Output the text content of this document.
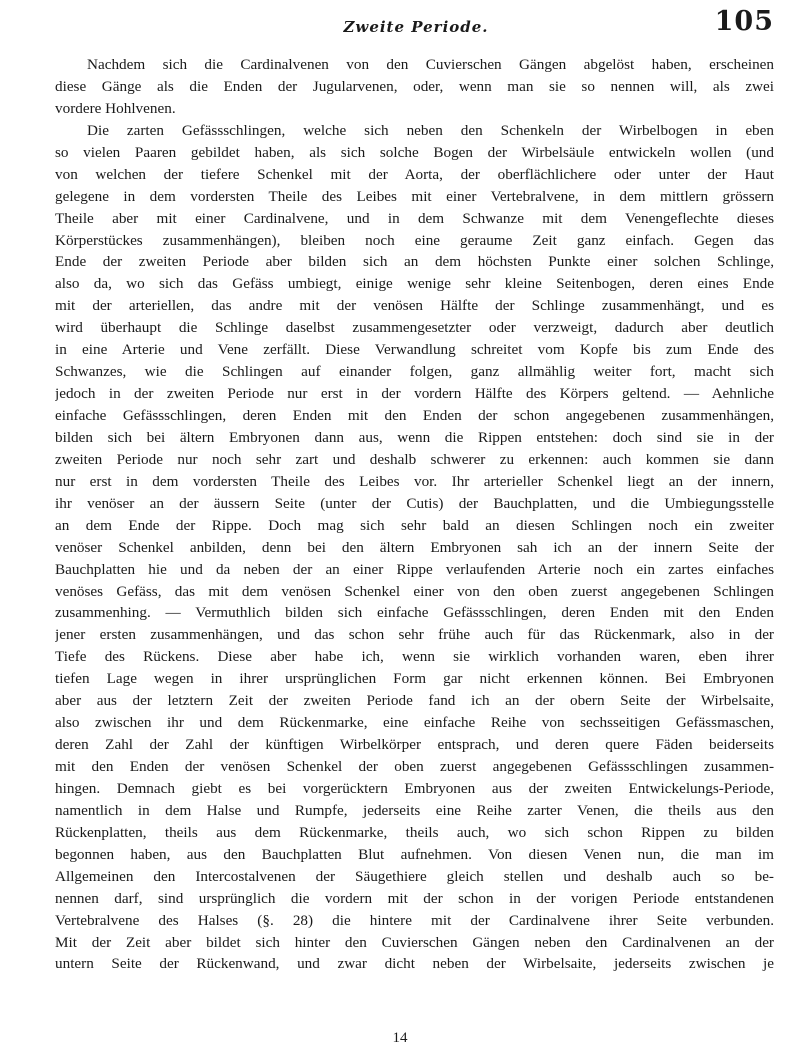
Zweite Periode.	105
Nachdem sich die Cardinalvenen von den Cuvierschen Gängen abgelöst haben, erscheinen
diese Gänge als die Enden der Jugularvenen, oder, wenn man sie so nennen will, als zwei
vordere Hohlvenen.
Die zarten Gefässschlingen, welche sich neben den Schenkeln der Wirbelbogen in eben
so vielen Paaren gebildet haben, als sich solche Bogen der Wirbelsäule entwickeln wollen (und
von welchen der tiefere Schenkel mit der Aorta, der oberflächlichere oder unter der Haut
gelegene in dem vordersten Theile des Leibes mit einer Vertebralvene, in dem mittlern grössern
Theile aber mit einer Cardinalvene, und in dem Schwanze mit dem Venengeflechte dieses
Körperstückes zusammenhängen), bleiben noch eine geraume Zeit ganz einfach. Gegen das
Ende der zweiten Periode aber bilden sich an dem höchsten Punkte einer solchen Schlinge,
also da, wo sich das Gefäss umbiegt, einige wenige sehr kleine Seitenbogen, deren eines Ende
mit der arteriellen, das andre mit der venösen Hälfte der Schlinge zusammenhängt, und es
wird überhaupt die Schlinge daselbst zusammengesetzter oder verzweigt, dadurch aber deutlich
in eine Arterie und Vene zerfällt. Diese Verwandlung schreitet vom Kopfe bis zum Ende des
Schwanzes, wie die Schlingen auf einander folgen, ganz allmählig weiter fort, macht sich
jedoch in der zweiten Periode nur erst in der vordern Hälfte des Körpers geltend. — Aehnliche
einfache Gefässschlingen, deren Enden mit den Enden der schon angegebenen zusammenhängen,
bilden sich bei ältern Embryonen dann aus, wenn die Rippen entstehen: doch sind sie in der
zweiten Periode nur noch sehr zart und deshalb schwerer zu erkennen: auch kommen sie dann
nur erst in dem vordersten Theile des Leibes vor. Ihr arterieller Schenkel liegt an der innern,
ihr venöser an der äussern Seite (unter der Cutis) der Bauchplatten, und die Umbiegungsstelle
an dem Ende der Rippe. Doch mag sich sehr bald an diesen Schlingen noch ein zweiter
venöser Schenkel anbilden, denn bei den ältern Embryonen sah ich an der innern Seite der
Bauchplatten hie und da neben der an einer Rippe verlaufenden Arterie noch ein zartes einfaches
venöses Gefäss, das mit dem venösen Schenkel einer von den oben zuerst angegebenen Schlingen
zusammenhing. — Vermuthlich bilden sich einfache Gefässschlingen, deren Enden mit den Enden
jener ersten zusammenhängen, und das schon sehr frühe auch für das Rückenmark, also in der
Tiefe des Rückens. Diese aber habe ich, wenn sie wirklich vorhanden waren, eben ihrer
tiefen Lage wegen in ihrer ursprünglichen Form gar nicht erkennen können. Bei Embryonen
aber aus der letztern Zeit der zweiten Periode fand ich an der obern Seite der Wirbelsaite,
also zwischen ihr und dem Rückenmarke, eine einfache Reihe von sechsseitigen Gefässmaschen,
deren Zahl der Zahl der künftigen Wirbelkörper entsprach, und deren quere Fäden beiderseits
mit den Enden der venösen Schenkel der oben zuerst angegebenen Gefässschlingen zusammen-
hingen. Demnach giebt es bei vorgerücktern Embryonen aus der zweiten Entwickelungs-Periode,
namentlich in dem Halse und Rumpfe, jederseits eine Reihe zarter Venen, die theils aus den
Rückenplatten, theils aus dem Rückenmarke, theils auch, wo sich schon Rippen zu bilden
begonnen haben, aus den Bauchplatten Blut aufnehmen. Von diesen Venen nun, die man im
Allgemeinen den Intercostalvenen der Säugethiere gleich stellen und deshalb auch so be-
nennen darf, sind ursprünglich die vordern mit der schon in der vorigen Periode entstandenen
Vertebralvene des Halses (§. 28) die hintere mit der Cardinalvene ihrer Seite verbunden.
Mit der Zeit aber bildet sich hinter den Cuvierschen Gängen neben den Cardinalvenen an der
untern Seite der Rückenwand, und zwar dicht neben der Wirbelsaite, jederseits zwischen je
14
